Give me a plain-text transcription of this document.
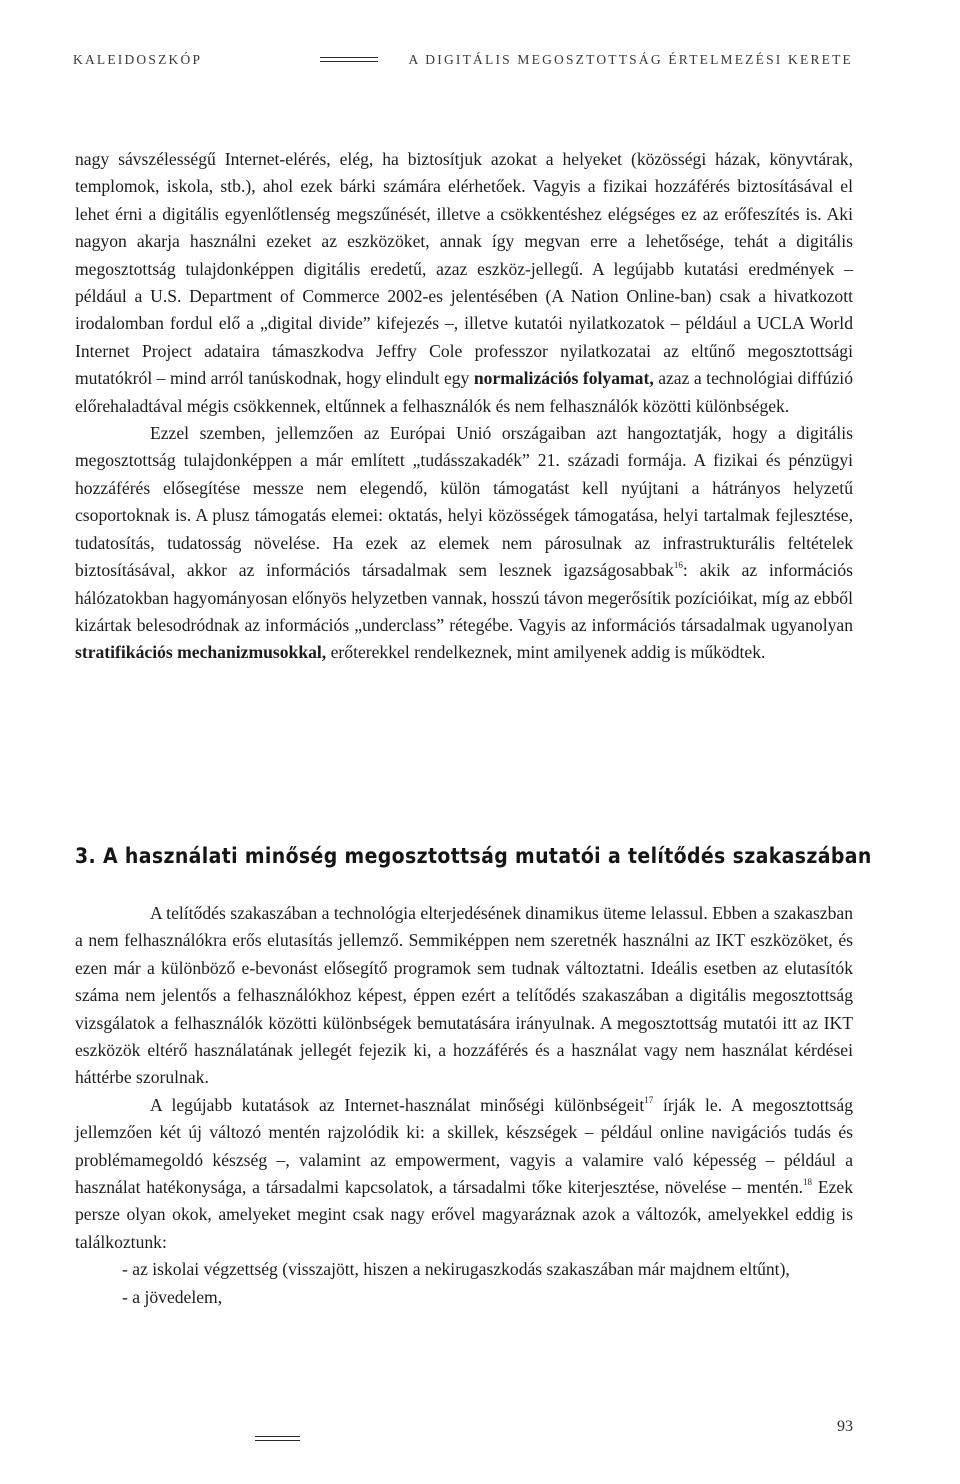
KALEIDOSZKÓP	A DIGITÁLIS MEGOSZTOTTSÁG ÉRTELMEZÉSI KERETE

nagy sávszélességű Internet-elérés, elég, ha biztosítjuk azokat a helyeket (közösségi házak, könyvtárak, templomok, iskola, stb.), ahol ezek bárki számára elérhetőek. Vagyis a fizikai hozzáférés biztosításával el lehet érni a digitális egyenlőtlenség megszűnését, illetve a csökkentéshez elégséges ez az erőfeszítés is. Aki nagyon akarja használni ezeket az eszközöket, annak így megvan erre a lehetősége, tehát a digitális megosztottság tulajdonképpen digitális eredetű, azaz eszköz-jellegű. A legújabb kutatási eredmények – például a U.S. Department of Commerce 2002-es jelentésében (A Nation Online-ban) csak a hivatkozott irodalomban fordul elő a „digital divide” kifejezés –, illetve kutatói nyilatkozatok – például a UCLA World Internet Project adataira támaszkodva Jeffry Cole professzor nyilatkozatai az eltűnő megosztottsági mutatókról – mind arról tanúskodnak, hogy elindult egy normalizációs folyamat, azaz a technológiai diffúzió előrehaladtával mégis csökkennek, eltűnnek a felhasználók és nem felhasználók közötti különbségek.

Ezzel szemben, jellemzően az Európai Unió országaiban azt hangoztatják, hogy a digitális megosztottság tulajdonképpen a már említett „tudásszakadék” 21. századi formája. A fizikai és pénzügyi hozzáférés elősegítése messze nem elegendő, külön támogatást kell nyújtani a hátrányos helyzetű csoportoknak is. A plusz támogatás elemei: oktatás, helyi közösségek támogatása, helyi tartalmak fejlesztése, tudatosítás, tudatosság növelése. Ha ezek az elemek nem párosulnak az infrastrukturális feltételek biztosításával, akkor az információs társadalmak sem lesznek igazságosabbak$^{16}$: akik az információs hálózatokban hagyományosan előnyös helyzetben vannak, hosszú távon megerősítik pozícióikat, míg az ebből kizártak belesodródnak az információs „underclass” rétegébe. Vagyis az információs társadalmak ugyanolyan stratifikációs mechanizmusokkal, erőterekkel rendelkeznek, mint amilyenek addig is működtek.

3. A használati minőség megosztottság mutatói a telítődés szakaszában

A telítődés szakaszában a technológia elterjedésének dinamikus üteme lelassul. Ebben a szakaszban a nem felhasználókra erős elutasítás jellemző. Semmiképpen nem szeretnék használni az IKT eszközöket, és ezen már a különböző e-bevonást elősegítő programok sem tudnak változtatni. Ideális esetben az elutasítók száma nem jelentős a felhasználókhoz képest, éppen ezért a telítődés szakaszában a digitális megosztottság vizsgálatok a felhasználók közötti különbségek bemutatására irányulnak. A megosztottság mutatói itt az IKT eszközök eltérő használatának jellegét fejezik ki, a hozzáférés és a használat vagy nem használat kérdései háttérbe szorulnak.

A legújabb kutatások az Internet-használat minőségi különbségeit$^{17}$ írják le. A megosztottság jellemzően két új változó mentén rajzolódik ki: a skillek, készségek – például online navigációs tudás és problémamegoldó készség –, valamint az empowerment, vagyis a valamire való képesség – például a használat hatékonysága, a társadalmi kapcsolatok, a társadalmi tőke kiterjesztése, növelése – mentén.$^{18}$ Ezek persze olyan okok, amelyeket megint csak nagy erővel magyaráznak azok a változók, amelyekkel eddig is találkoztunk:

- az iskolai végzettség (visszajött, hiszen a nekirugaszkodás szakaszában már majdnem eltűnt),

- a jövedelem,

93
